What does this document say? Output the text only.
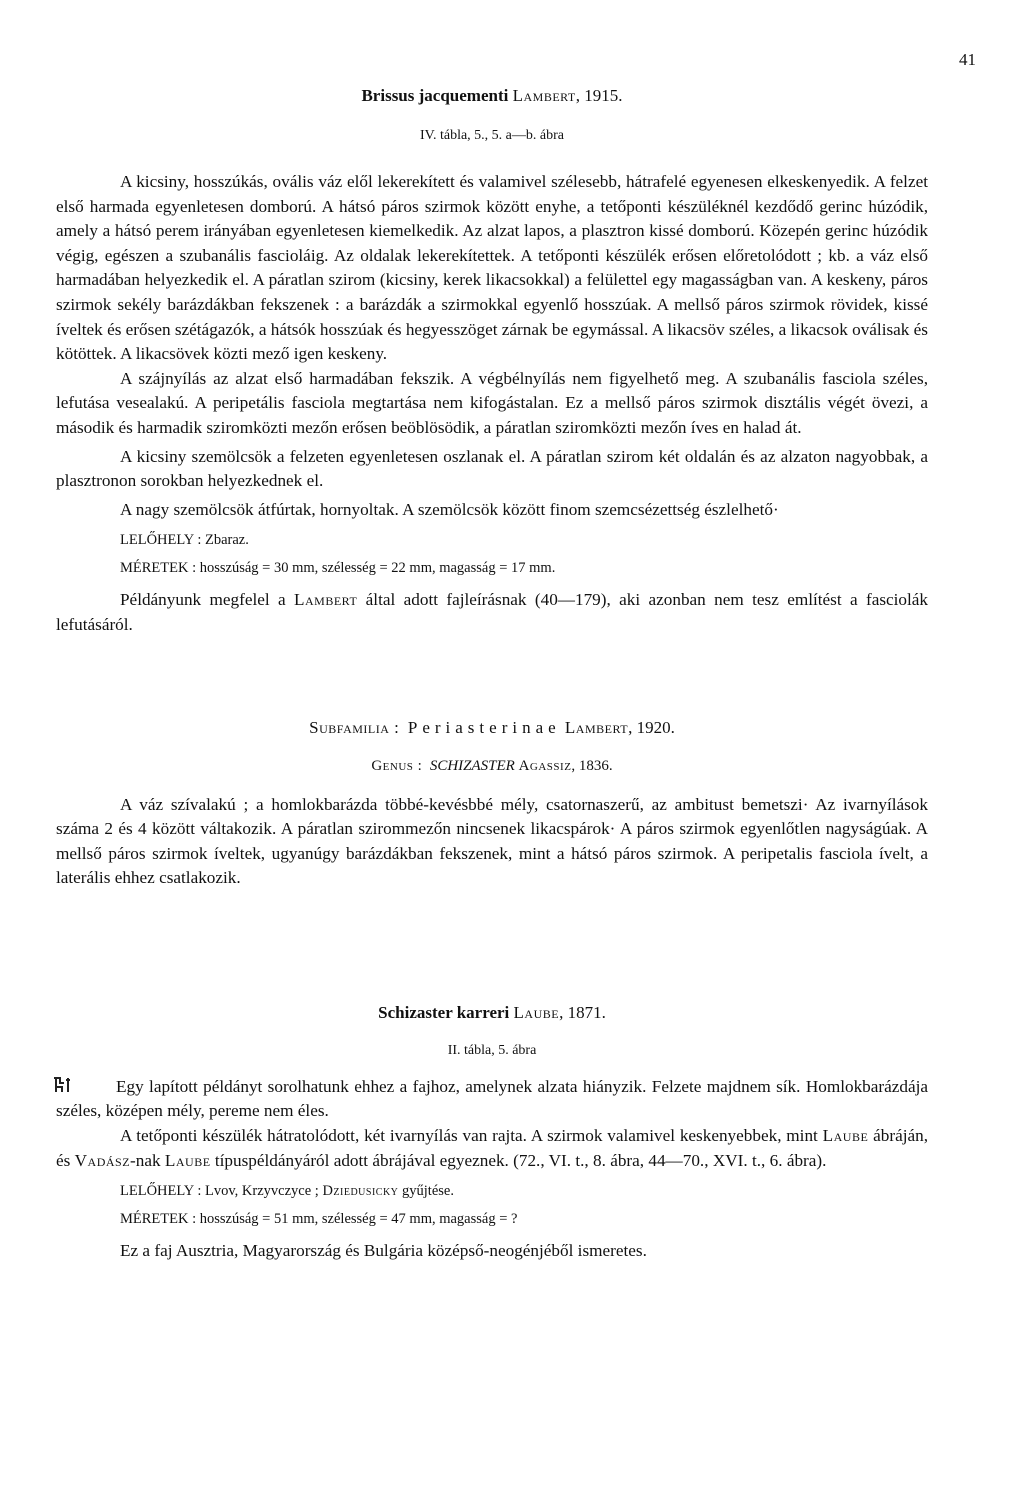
41

Brissus jacquementi Lambert, 1915.

IV. tábla, 5., 5. a—b. ábra

A kicsiny, hosszúkás, ovális váz elől lekerekített és valamivel szélesebb, hátrafelé egyenesen elkeskenyedik. A felzet első harmada egyenletesen domború. A hátsó páros szirmok között enyhe, a tetőponti készüléknél kezdődő gerinc húzódik, amely a hátsó perem irányában egyenletesen kiemelkedik. Az alzat lapos, a plasztron kissé domború. Közepén gerinc húzódik végig, egészen a szubanális fascioláig. Az oldalak lekerekítettek. A tetőponti készülék erősen előretolódott ; kb. a váz első harmadában helyezkedik el. A páratlan szirom (kicsiny, kerek likacsokkal) a felülettel egy magasságban van. A keskeny, páros szirmok sekély barázdákban fekszenek : a barázdák a szirmokkal egyenlő hosszúak. A mellső páros szirmok rövidek, kissé íveltek és erősen szétágazók, a hátsók hosszúak és hegyesszöget zárnak be egymással. A likacsöv széles, a likacsok oválisak és kötöttek. A likacsövek közti mező igen keskeny.

A szájnyílás az alzat első harmadában fekszik. A végbélnyílás nem figyelhető meg. A szubanális fasciola széles, lefutása vesealakú. A peripetális fasciola megtartása nem kifogástalan. Ez a mellső páros szirmok disztális végét övezi, a második és harmadik sziromközti mezőn erősen beöblösödik, a páratlan sziromközti mezőn íves en halad át.

A kicsiny szemölcsök a felzeten egyenletesen oszlanak el. A páratlan szirom két oldalán és az alzaton nagyobbak, a plasztronon sorokban helyezkednek el.

A nagy szemölcsök átfúrtak, hornyoltak. A szemölcsök között finom szemcsézettség észlelhető·

LELŐHELY : Zbaraz.

MÉRETEK : hosszúság = 30 mm, szélesség = 22 mm, magasság = 17 mm.

Példányunk megfelel a Lambert által adott fajleírásnak (40—179), aki azonban nem tesz említést a fasciolák lefutásáról.

Subfamilia : Periasterinae Lambert, 1920.
Genus : SCHIZASTER Agassiz, 1836.

A váz szívalakú ; a homlokbarázda többé-kevésbbé mély, csatornaszerű, az ambitust bemetszi· Az ivarnyílások száma 2 és 4 között váltakozik. A páratlan szirommezőn nincsenek likacspárok· A páros szirmok egyenlőtlen nagyságúak. A mellső páros szirmok íveltek, ugyanúgy barázdákban fekszenek, mint a hátsó páros szirmok. A peripetalis fasciola ívelt, a laterális ehhez csatlakozik.

Schizaster karreri Laube, 1871.

II. tábla, 5. ábra

Egy lapított példányt sorolhatunk ehhez a fajhoz, amelynek alzata hiányzik. Felzete majdnem sík. Homlokbarázdája széles, középen mély, pereme nem éles.

A tetőponti készülék hátratolódott, két ivarnyílás van rajta. A szirmok valamivel keskenyebbek, mint Laube ábráján, és Vadász-nak Laube típuspéldányáról adott ábrájával egyeznek. (72., VI. t., 8. ábra, 44—70., XVI. t., 6. ábra).

LELŐHELY : Lvov, Krzyvczyce ; Dziedusicky gyűjtése.

MÉRETEK : hosszúság = 51 mm, szélesség = 47 mm, magasság = ?

Ez a faj Ausztria, Magyarország és Bulgária középső-neogénjéből ismeretes.
